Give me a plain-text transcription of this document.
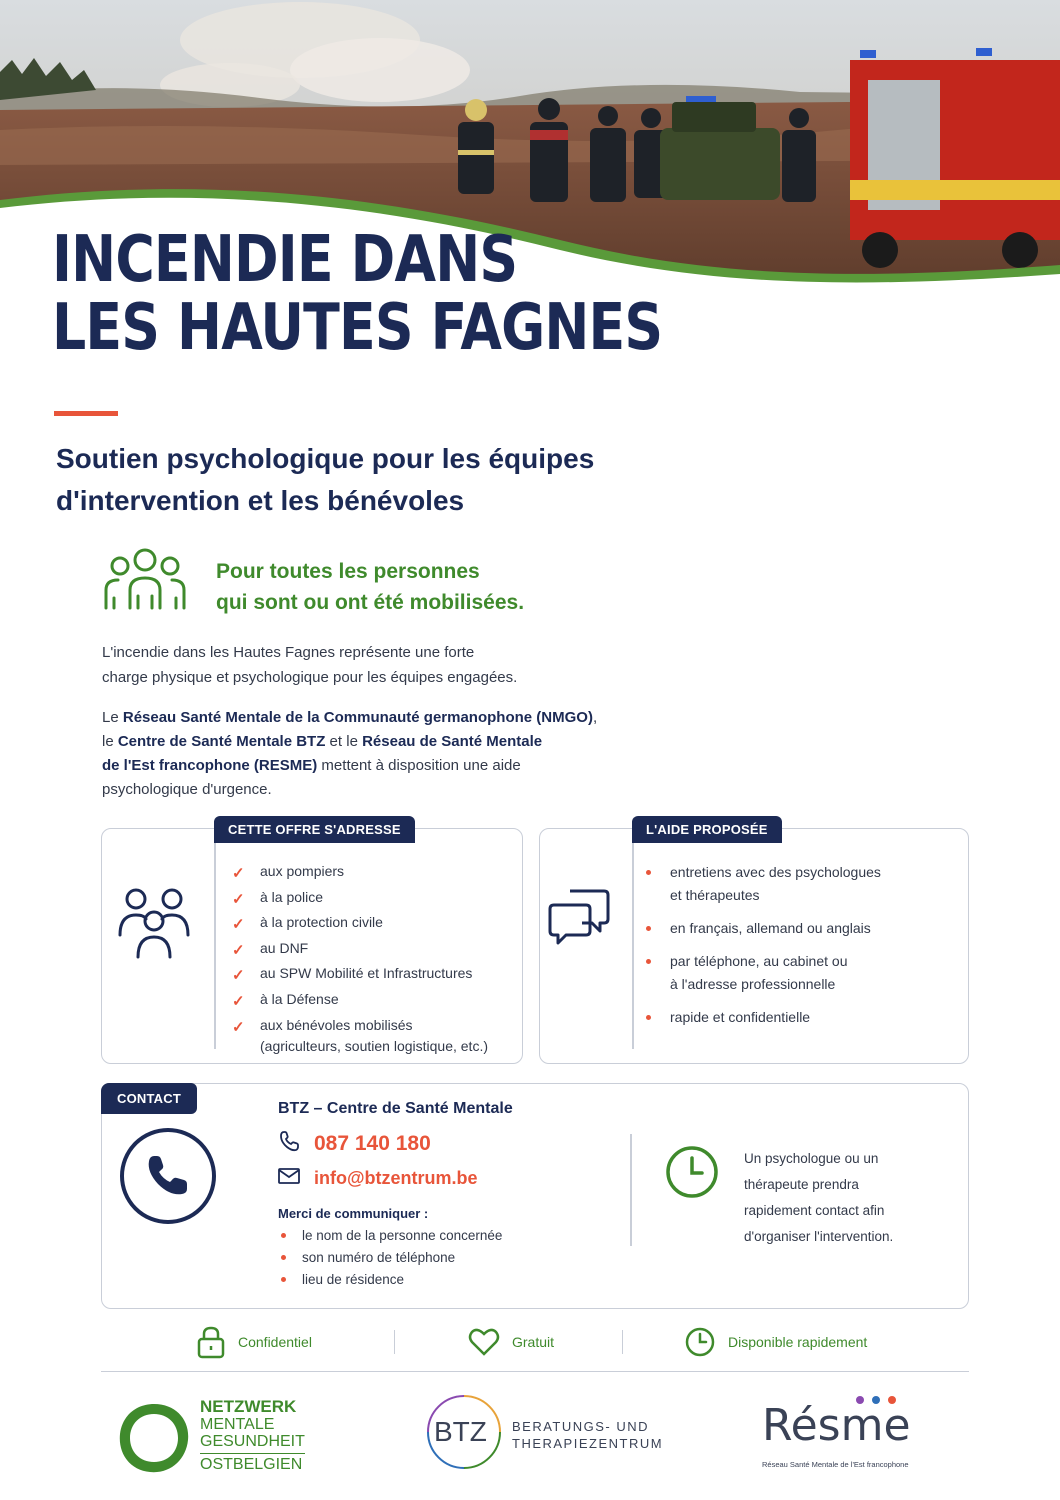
INCENDIE DANS
LES HAUTES FAGNES
Soutien psychologique pour les équipes
d'intervention et les bénévoles
Pour toutes les personnes
qui sont ou ont été mobilisées.
L'incendie dans les Hautes Fagnes représente une forte
charge physique et psychologique pour les équipes engagées.
Le Réseau Santé Mentale de la Communauté germanophone (NMGO),
le Centre de Santé Mentale BTZ et le Réseau de Santé Mentale
de l'Est francophone (RESME) mettent à disposition une aide
psychologique d'urgence.
CETTE OFFRE S'ADRESSE
✓ aux pompiers
✓ à la police
✓ à la protection civile
✓ au DNF
✓ au SPW Mobilité et Infrastructures
✓ à la Défense
✓ aux bénévoles mobilisés
(agriculteurs, soutien logistique, etc.)
L'AIDE PROPOSÉE
entretiens avec des psychologues
et thérapeutes
en français, allemand ou anglais
par téléphone, au cabinet ou
à l'adresse professionnelle
rapide et confidentielle
CONTACT
BTZ – Centre de Santé Mentale
087 140 180
info@btzentrum.be
Merci de communiquer :
le nom de la personne concernée
son numéro de téléphone
lieu de résidence
Un psychologue ou un
thérapeute prendra
rapidement contact afin
d'organiser l'intervention.
Confidentiel	Gratuit	Disponible rapidement
NETZWERK
MENTALE
GESUNDHEIT
OSTBELGIEN
BTZ BERATUNGS- UND
THERAPIEZENTRUM Résme
Réseau Santé Mentale de l'Est francophone
